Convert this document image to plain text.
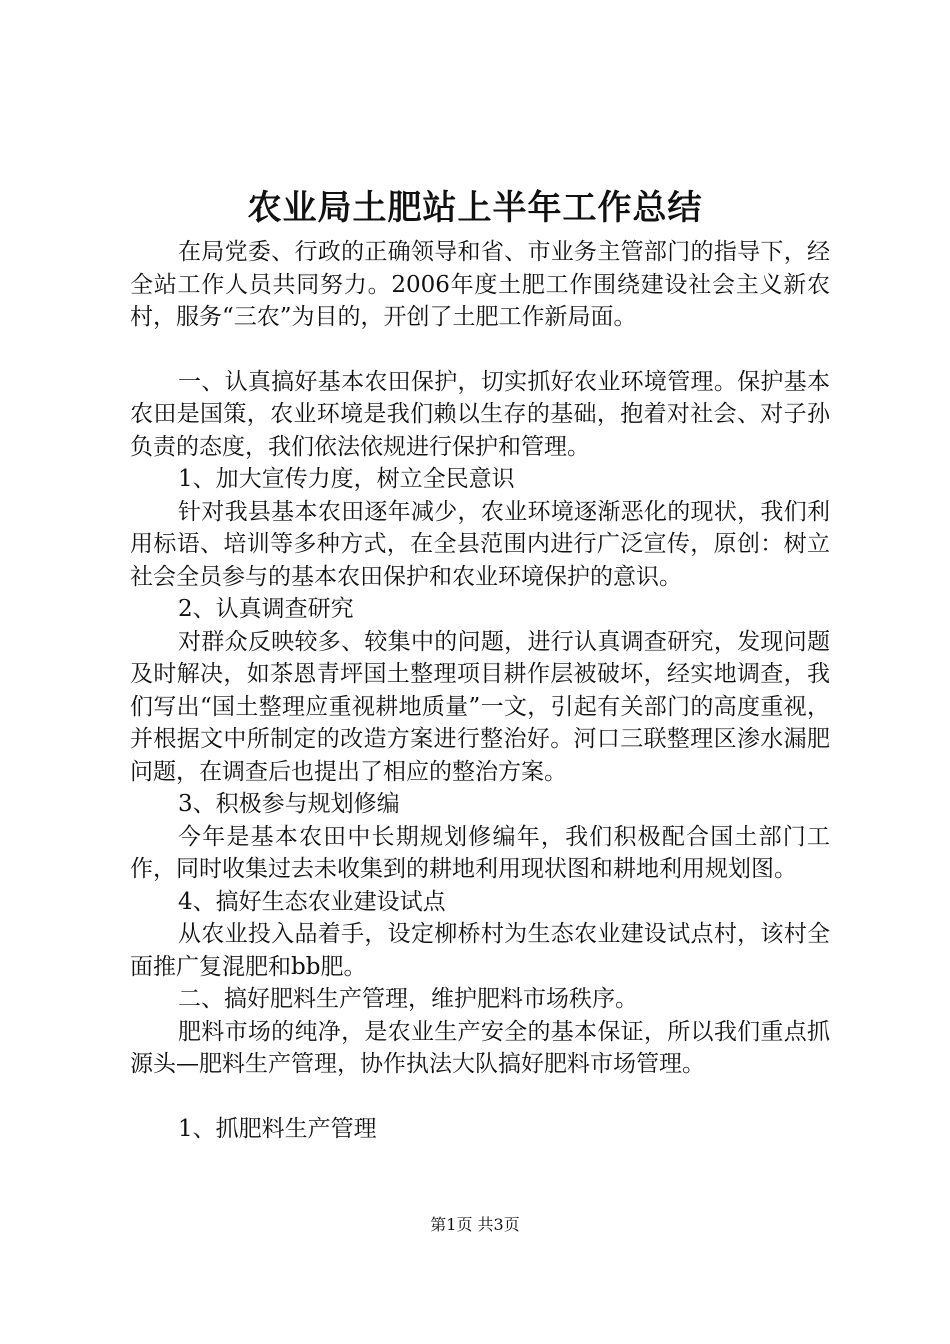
农业局土肥站上半年工作总结

在局党委、行政的正确领导和省、市业务主管部门的指导下，经全站工作人员共同努力。2006年度土肥工作围绕建设社会主义新农村，服务“三农”为目的，开创了土肥工作新局面。

一、认真搞好基本农田保护，切实抓好农业环境管理。保护基本农田是国策，农业环境是我们赖以生存的基础，抱着对社会、对子孙负责的态度，我们依法依规进行保护和管理。

1、加大宣传力度，树立全民意识

针对我县基本农田逐年减少，农业环境逐渐恶化的现状，我们利用标语、培训等多种方式，在全县范围内进行广泛宣传，原创：树立社会全员参与的基本农田保护和农业环境保护的意识。

2、认真调查研究

对群众反映较多、较集中的问题，进行认真调查研究，发现问题及时解决，如茶恩青坪国土整理项目耕作层被破坏，经实地调查，我们写出“国土整理应重视耕地质量”一文，引起有关部门的高度重视，并根据文中所制定的改造方案进行整治好。河口三联整理区渗水漏肥问题，在调查后也提出了相应的整治方案。

3、积极参与规划修编

今年是基本农田中长期规划修编年，我们积极配合国土部门工作，同时收集过去未收集到的耕地利用现状图和耕地利用规划图。

4、搞好生态农业建设试点

从农业投入品着手，设定柳桥村为生态农业建设试点村，该村全面推广复混肥和bb肥。

二、搞好肥料生产管理，维护肥料市场秩序。

肥料市场的纯净，是农业生产安全的基本保证，所以我们重点抓源头—肥料生产管理，协作执法大队搞好肥料市场管理。

1、抓肥料生产管理

第1页 共3页
